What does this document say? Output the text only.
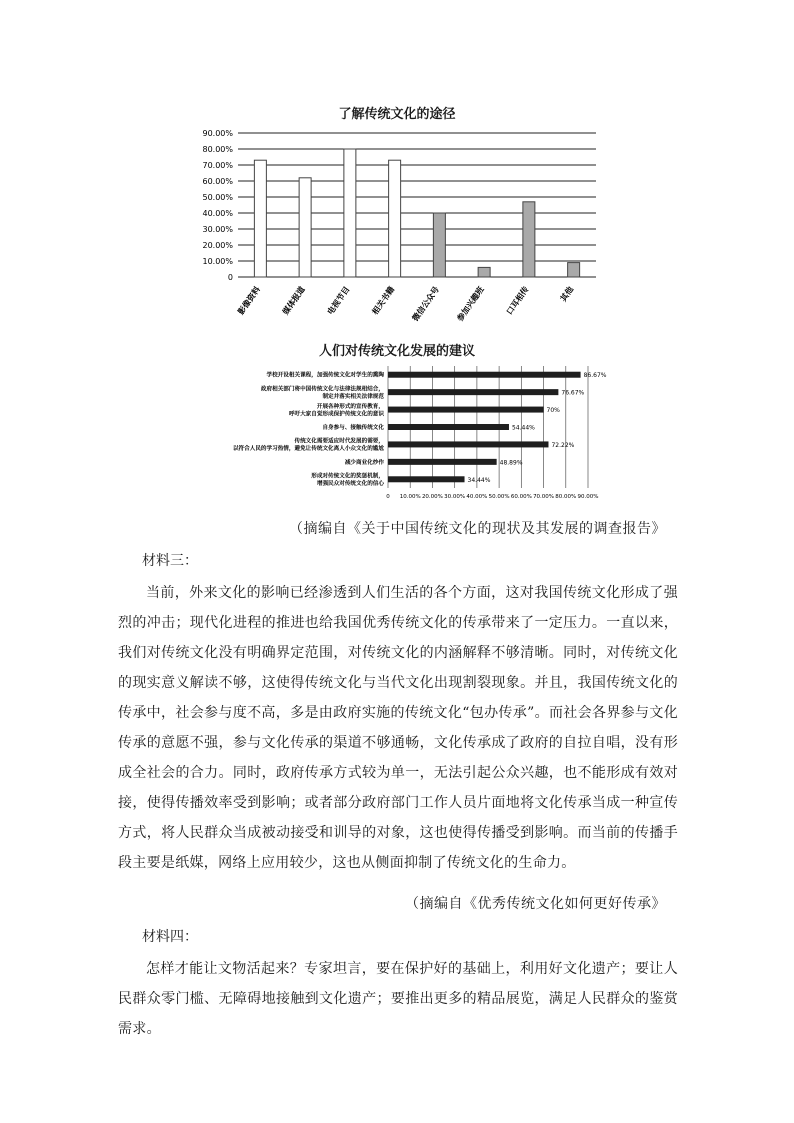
了解传统文化的途径
0
10.00%
20.00%
30.00%
40.00%
50.00%
60.00%
70.00%
80.00%
90.00%
影像资料 媒体报道 电视节目 相关书籍 微信公众号 参加兴趣班 口耳相传	其他
人们对传统文化发展的建议
0 10.00% 20.00% 30.00% 40.00% 50.00% 60.00% 70.00% 80.00% 90.00%
86.67%
学校开设相关课程，加强传统文化对学生的熏陶
76.67%
政府相关部门将中国传统文化与法律法规相结合，
制定并落实相关法律规范
70%
开展各种形式的宣传教育，
呼吁大家自觉形成保护传统文化的意识
54.44%
自身参与、接触传统文化
72.22%
传统文化需要适应时代发展的需要，
以符合人民的学习热情，避免让传统文化离人小众文化的尴尬
48.89%
减少商业化炒作
34.44%
形成对传统文化的奖惩机制，
增强民众对传统文化的信心
（摘编自《关于中国传统文化的现状及其发展的调查报告》
材料三：

当前，外来文化的影响已经渗透到人们生活的各个方面，这对我国传统文化形成了强烈的冲击；现代化进程的推进也给我国优秀传统文化的传承带来了一定压力。一直以来，我们对传统文化没有明确界定范围，对传统文化的内涵解释不够清晰。同时，对传统文化的现实意义解读不够，这使得传统文化与当代文化出现割裂现象。并且，我国传统文化的传承中，社会参与度不高，多是由政府实施的传统文化“包办传承”。而社会各界参与文化传承的意愿不强，参与文化传承的渠道不够通畅，文化传承成了政府的自拉自唱，没有形成全社会的合力。同时，政府传承方式较为单一，无法引起公众兴趣，也不能形成有效对接，使得传播效率受到影响；或者部分政府部门工作人员片面地将文化传承当成一种宣传方式，将人民群众当成被动接受和训导的对象，这也使得传播受到影响。而当前的传播手段主要是纸媒，网络上应用较少，这也从侧面抑制了传统文化的生命力。

（摘编自《优秀传统文化如何更好传承》
材料四：

怎样才能让文物活起来？专家坦言，要在保护好的基础上，利用好文化遗产；要让人民群众零门槛、无障碍地接触到文化遗产；要推出更多的精品展览，满足人民群众的鉴赏需求。
